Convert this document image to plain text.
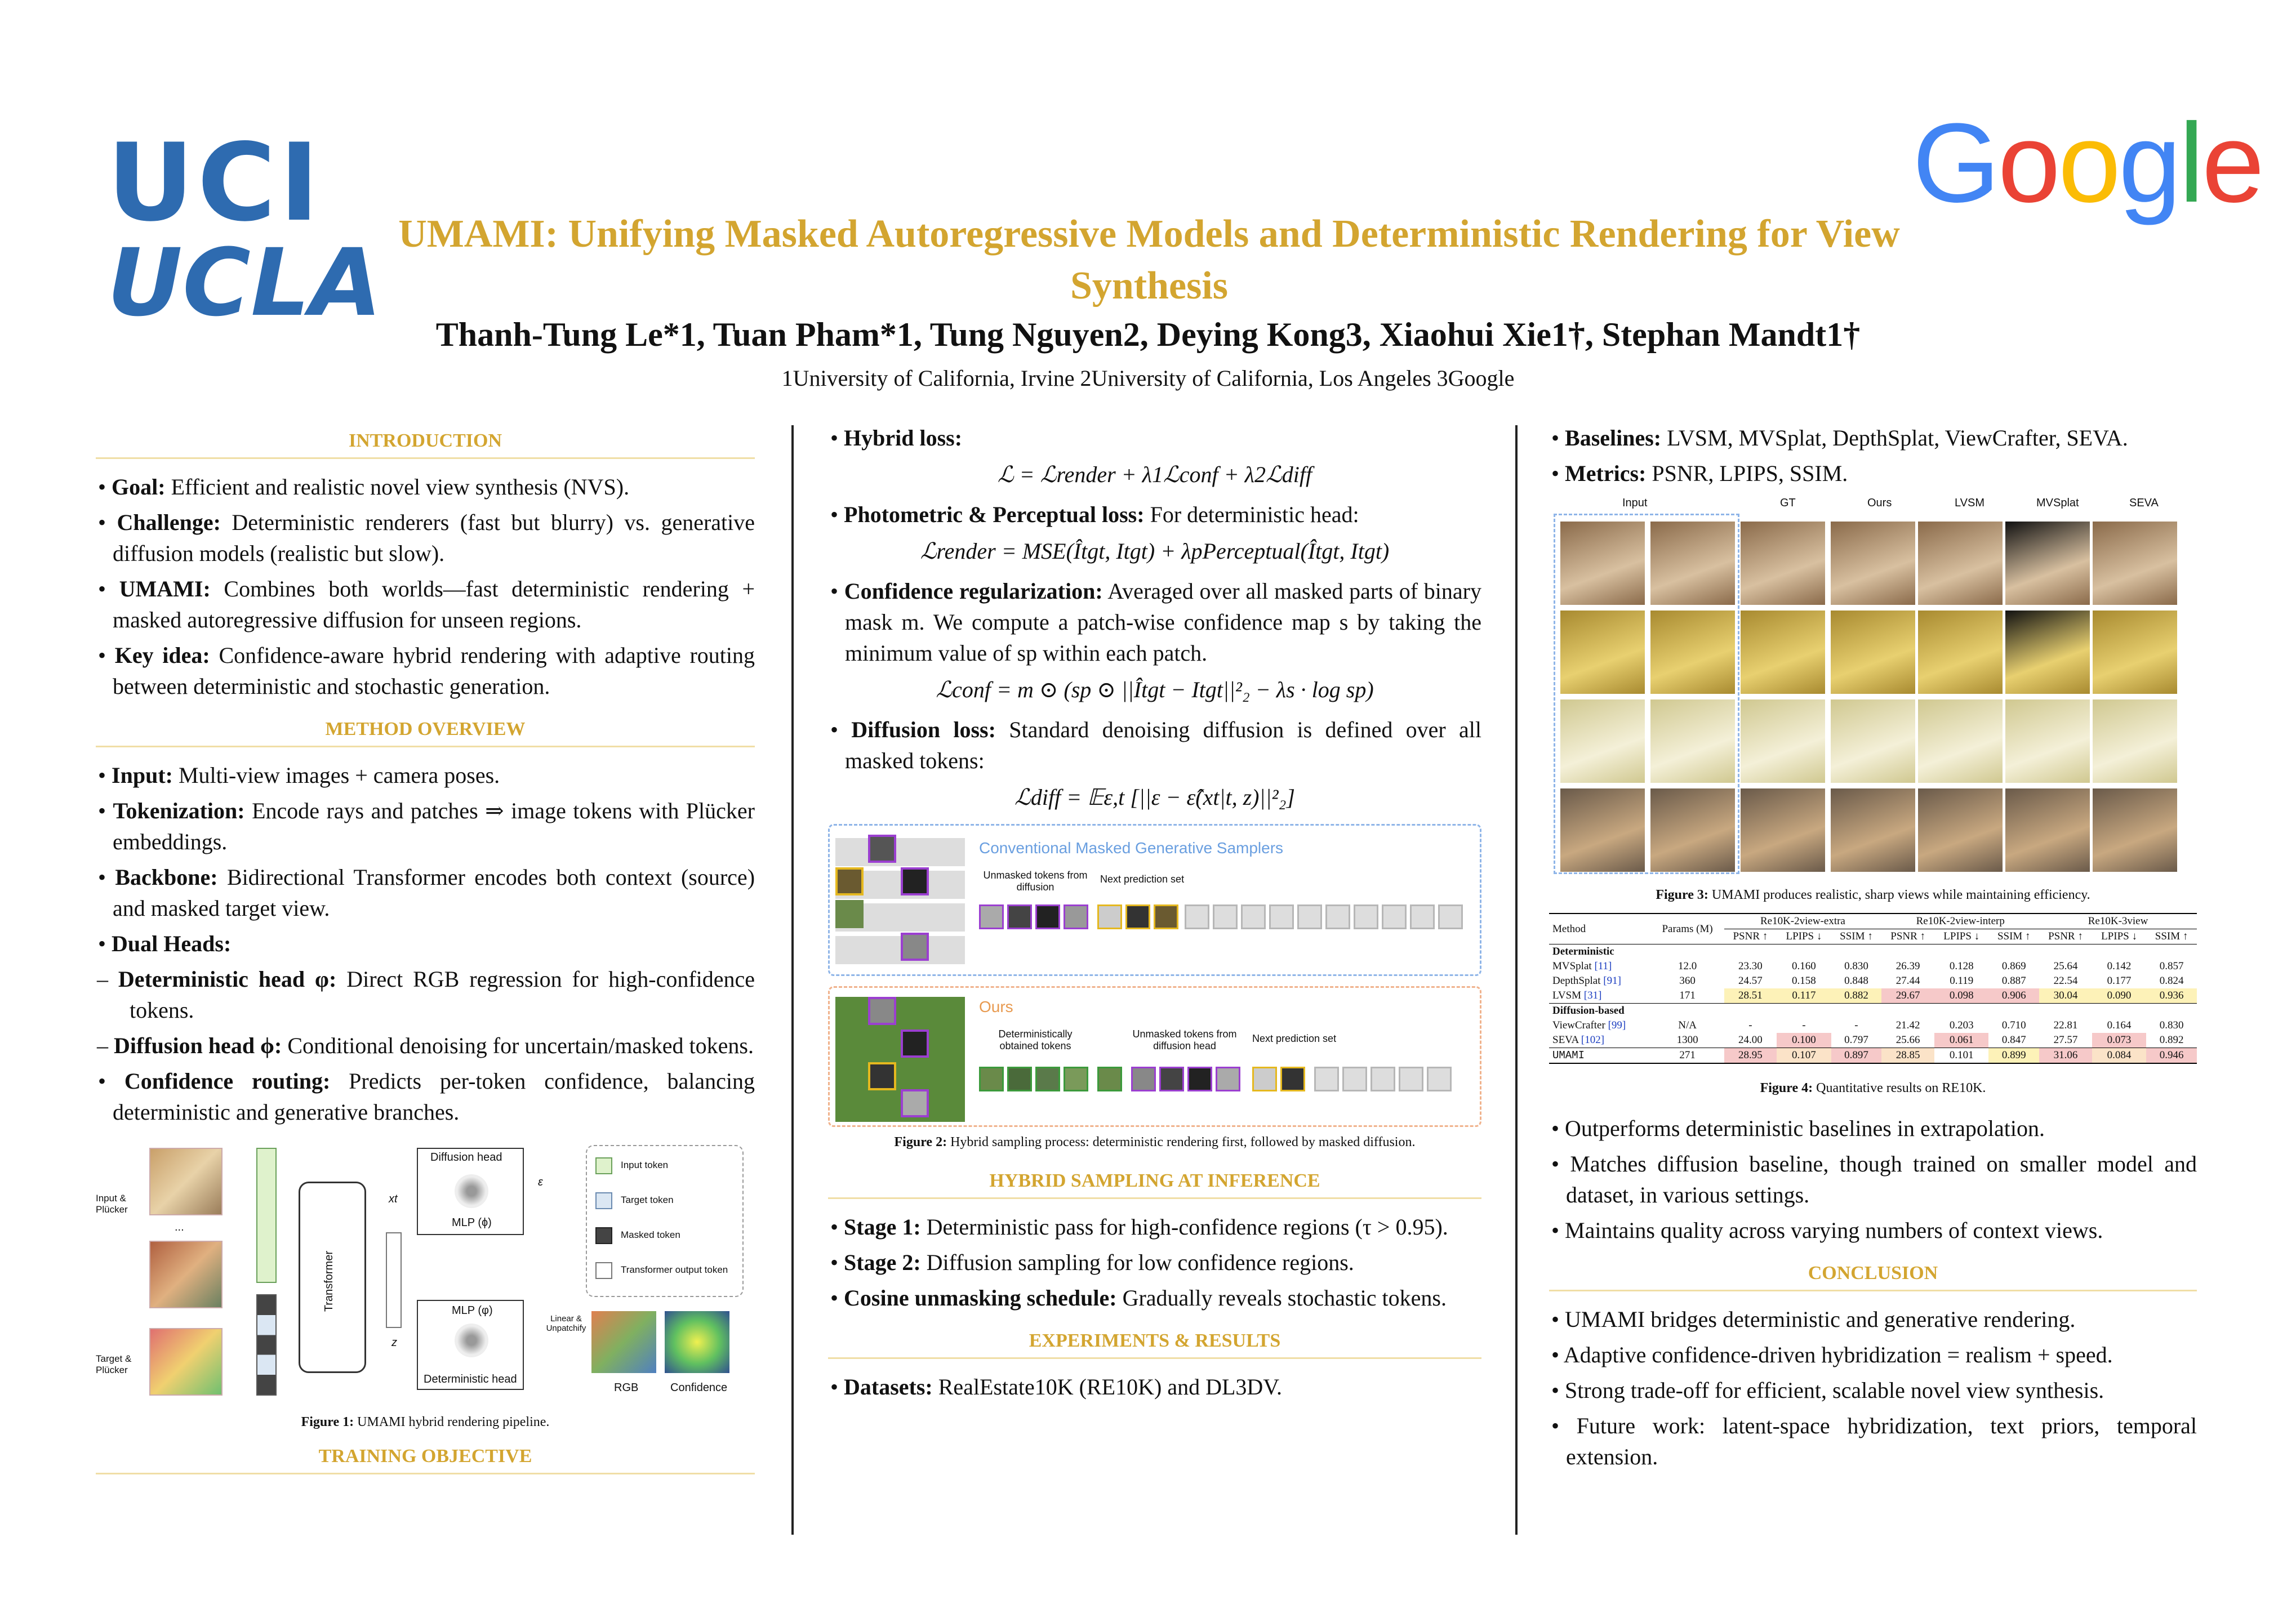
UCI
UCLA
Google
UMAMI: Unifying Masked Autoregressive Models and Deterministic Rendering for View Synthesis
Thanh-Tung Le*1, Tuan Pham*1, Tung Nguyen2, Deying Kong3, Xiaohui Xie1†, Stephan Mandt1†
1University of California, Irvine 2University of California, Los Angeles 3Google
INTRODUCTION
• Goal: Efficient and realistic novel view synthesis (NVS).
• Challenge: Deterministic renderers (fast but blurry) vs. generative diffusion models (realistic but slow).
• UMAMI: Combines both worlds—fast deterministic rendering + masked autoregressive diffusion for unseen regions.
• Key idea: Confidence-aware hybrid rendering with adaptive routing between deterministic and stochastic generation.
METHOD OVERVIEW
• Input: Multi-view images + camera poses.
• Tokenization: Encode rays and patches ⇒ image tokens with Plücker embeddings.
• Backbone: Bidirectional Transformer encodes both context (source) and masked target view.
• Dual Heads:
– Deterministic head φ: Direct RGB regression for high-confidence tokens.
– Diffusion head ϕ: Conditional denoising for uncertain/masked tokens.
• Confidence routing: Predicts per-token confidence, balancing deterministic and generative branches.
Input & Plücker
...
Target & Plücker
Transformer
z
xt
Diffusion head
MLP (ϕ)
ε
MLP (φ)
Deterministic head
Linear & Unpatchify
RGB	Confidence
Input token
Target token
Masked token
Transformer output token
Figure 1: UMAMI hybrid rendering pipeline.
TRAINING OBJECTIVE
• Hybrid loss:
ℒ = ℒrender + λ1ℒconf + λ2ℒdiff
• Photometric & Perceptual loss: For deterministic head:
ℒrender = MSE(Îtgt, Itgt) + λpPerceptual(Îtgt, Itgt)
• Confidence regularization: Averaged over all masked parts of binary mask m. We compute a patch-wise confidence map s by taking the minimum value of sp within each patch.
ℒconf = m ⊙ (sp ⊙ ||Îtgt − Itgt||²₂ − λs · log sp)
• Diffusion loss: Standard denoising diffusion is defined over all masked tokens:
ℒdiff = 𝔼ε,t [||ε − ε̂(xt|t, z)||²₂]
Conventional Masked Generative Samplers
Unmasked tokens from diffusion
Next prediction set
Ours
Deterministically obtained tokens
Unmasked tokens from diffusion head
Next prediction set
Figure 2: Hybrid sampling process: deterministic rendering first, followed by masked diffusion.
HYBRID SAMPLING AT INFERENCE
• Stage 1: Deterministic pass for high-confidence regions (τ > 0.95).
• Stage 2: Diffusion sampling for low confidence regions.
• Cosine unmasking schedule: Gradually reveals stochastic tokens.
EXPERIMENTS & RESULTS
• Datasets: RealEstate10K (RE10K) and DL3DV.
• Baselines: LVSM, MVSplat, DepthSplat, ViewCrafter, SEVA.
• Metrics: PSNR, LPIPS, SSIM.
Input	GT	Ours	LVSM	MVSplat	SEVA
Figure 3: UMAMI produces realistic, sharp views while maintaining efficiency.
Method	Params (M)	Re10K-2view-extra			Re10K-2view-interp			Re10K-3view		
		PSNR ↑	LPIPS ↓	SSIM ↑	PSNR ↑	LPIPS ↓	SSIM ↑	PSNR ↑	LPIPS ↓	SSIM ↑
Deterministic										
MVSplat [11]	12.0	23.30	0.160	0.830	26.39	0.128	0.869	25.64	0.142	0.857
DepthSplat [91]	360	24.57	0.158	0.848	27.44	0.119	0.887	22.54	0.177	0.824
LVSM [31]	171	28.51	0.117	0.882	29.67	0.098	0.906	30.04	0.090	0.936
Diffusion-based										
ViewCrafter [99]	N/A	-	-	-	21.42	0.203	0.710	22.81	0.164	0.830
SEVA [102]	1300	24.00	0.100	0.797	25.66	0.061	0.847	27.57	0.073	0.892
UMAMI	271	28.95	0.107	0.897	28.85	0.101	0.899	31.06	0.084	0.946
Figure 4: Quantitative results on RE10K.
• Outperforms deterministic baselines in extrapolation.
• Matches diffusion baseline, though trained on smaller model and dataset, in various settings.
• Maintains quality across varying numbers of context views.
CONCLUSION
• UMAMI bridges deterministic and generative rendering.
• Adaptive confidence-driven hybridization = realism + speed.
• Strong trade-off for efficient, scalable novel view synthesis.
• Future work: latent-space hybridization, text priors, temporal extension.
